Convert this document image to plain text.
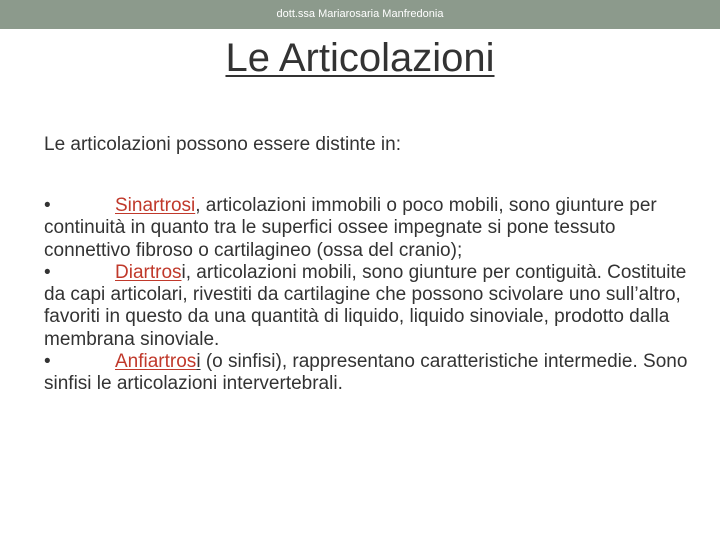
dott.ssa Mariarosaria Manfredonia
Le Articolazioni
Le articolazioni possono essere distinte in:

•	Sinartrosi, articolazioni immobili o poco mobili, sono giunture per continuità in quanto tra le superfici ossee impegnate si pone tessuto connettivo fibroso o cartilagineo (ossa del cranio);

•	Diartrosi, articolazioni mobili, sono giunture per contiguità. Costituite da capi articolari, rivestiti da cartilagine che possono scivolare uno sull’altro, favoriti in questo da una quantità di liquido, liquido sinoviale, prodotto dalla membrana sinoviale.

•	Anfiartrosi (o sinfisi), rappresentano caratteristiche intermedie. Sono sinfisi le articolazioni intervertebrali.
